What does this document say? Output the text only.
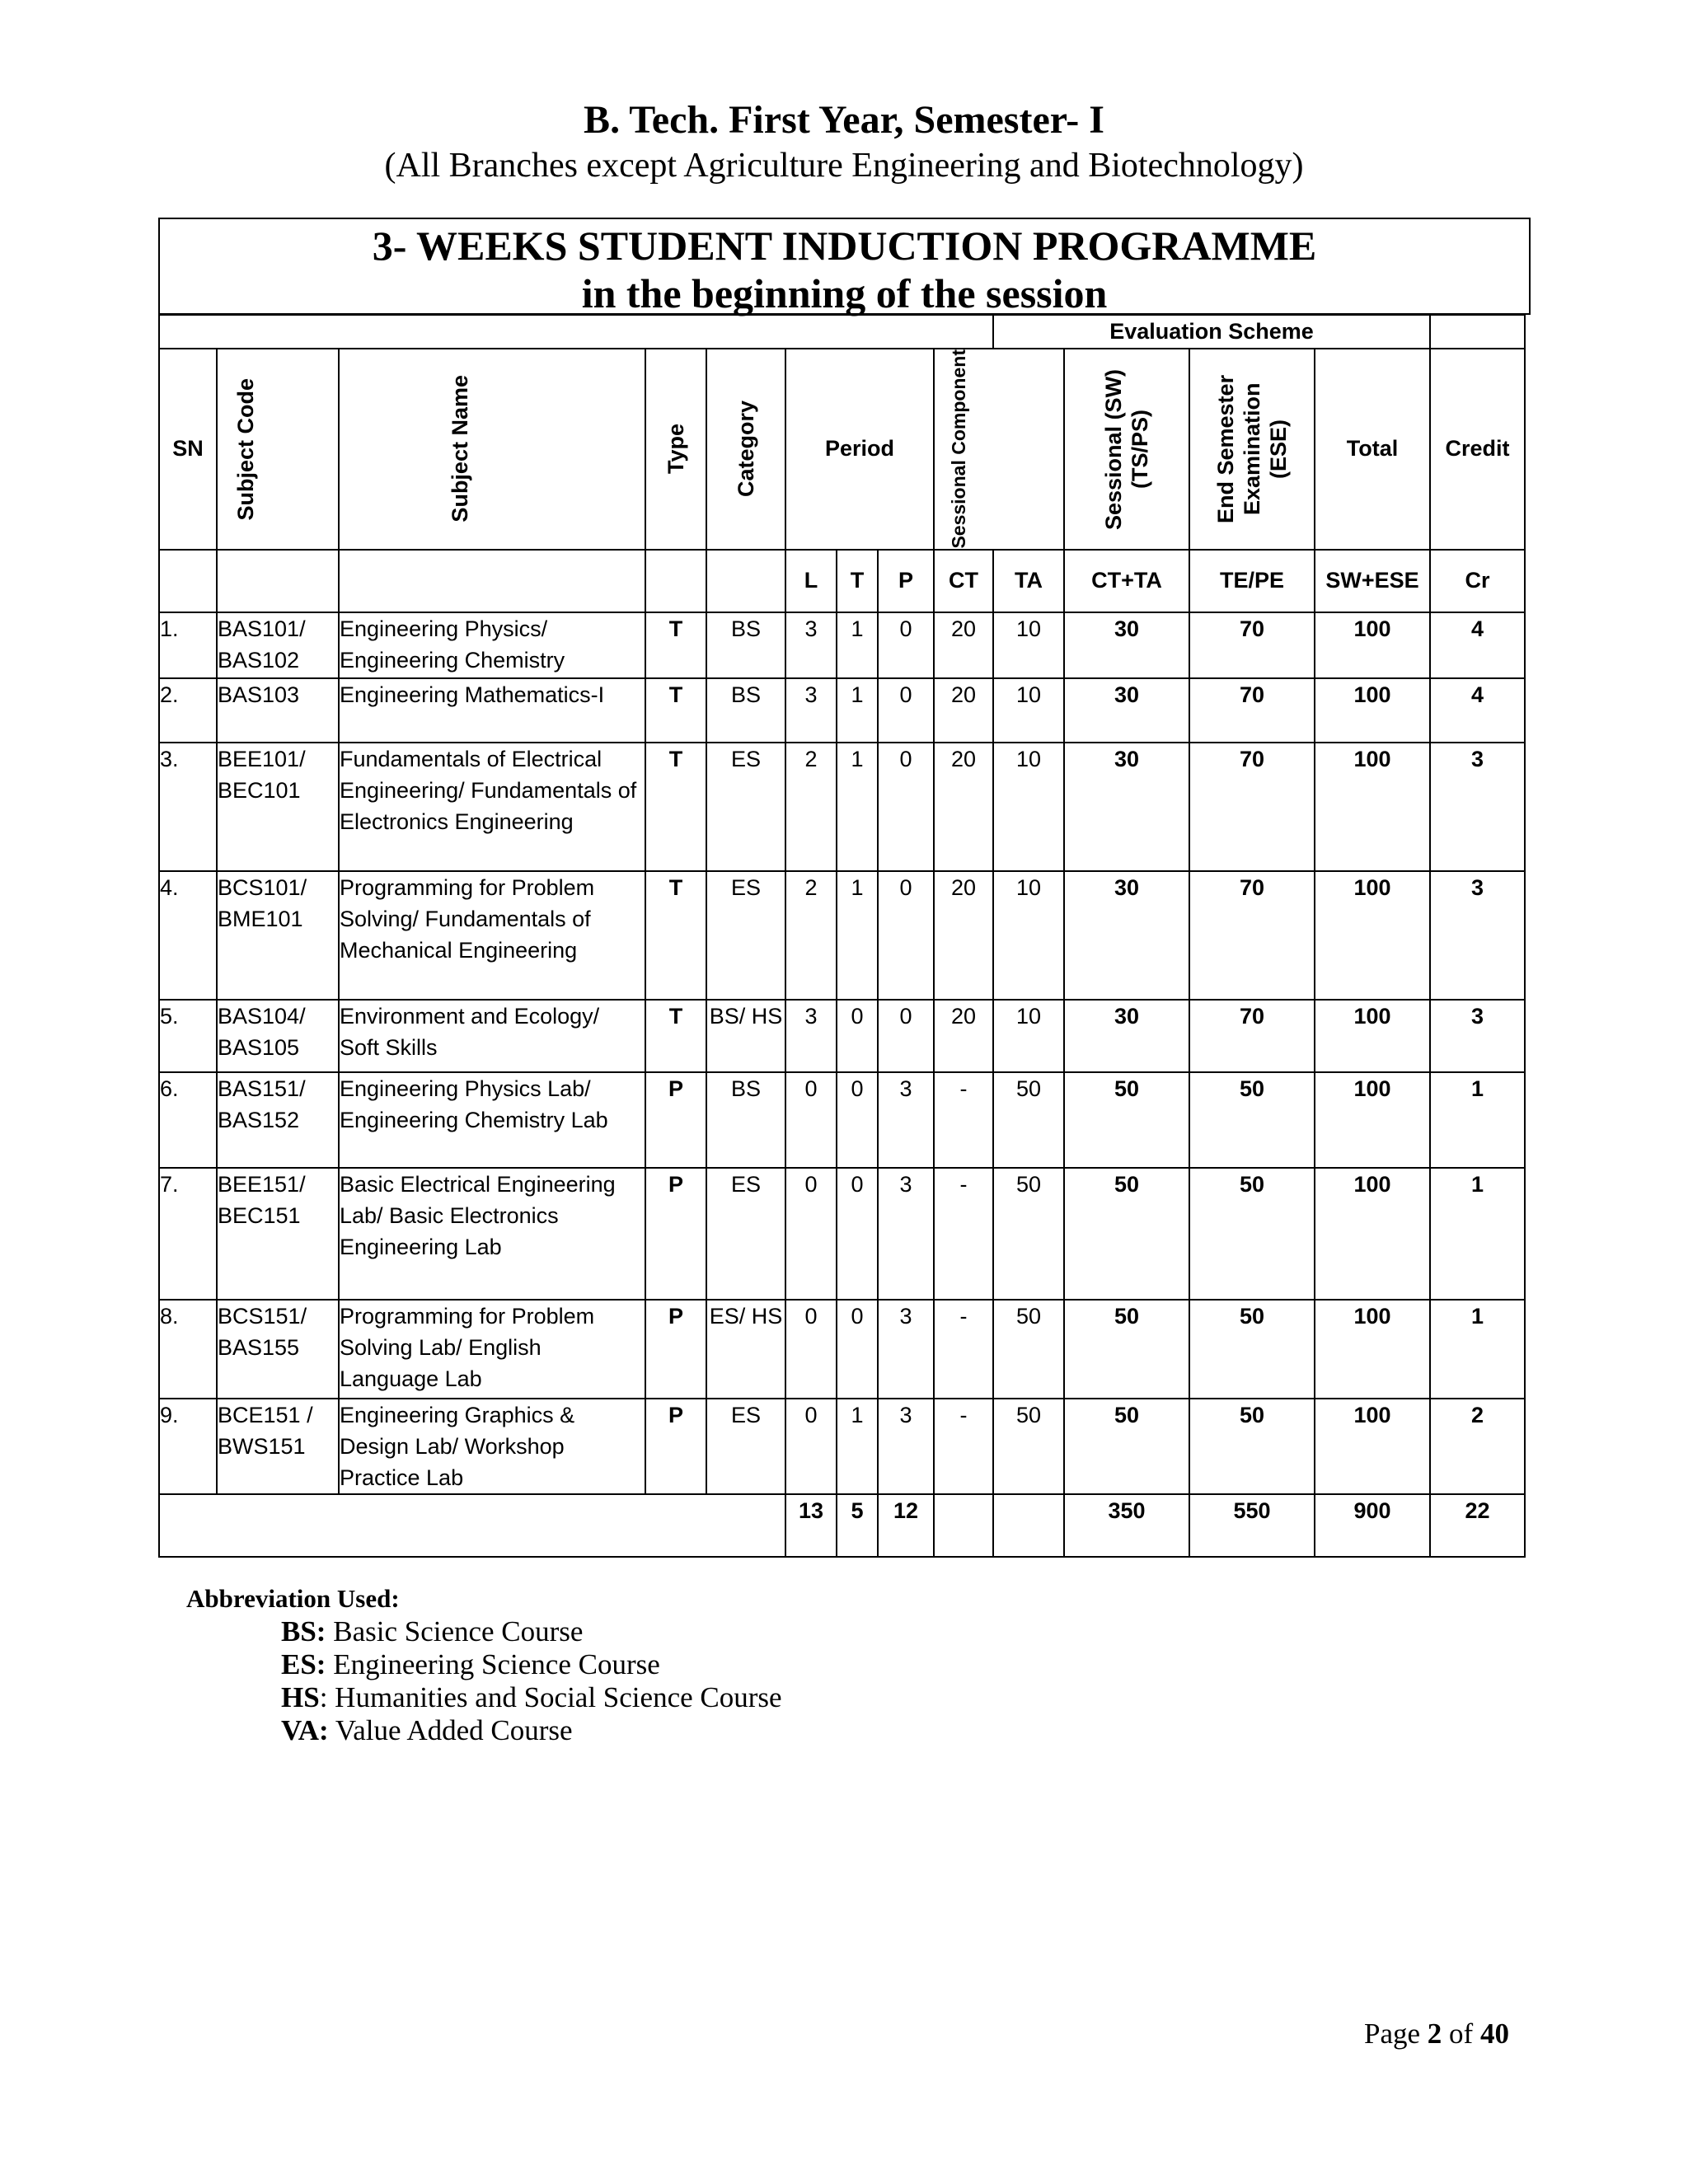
B. Tech. First Year, Semester- I
(All Branches except Agriculture Engineering and Biotechnology)
3- WEEKS STUDENT INDUCTION PROGRAMME
in the beginning of the session
									Evaluation Scheme				
SN	Subject Code	Subject Name	Type	Category	Period			Sessional Component		Sessional (SW) (TS/PS)	End Semester Examination (ESE)	Total	Credit
					L	T	P	CT	TA	CT+TA	TE/PE	SW+ESE	Cr
1.	BAS101/ BAS102	Engineering Physics/ Engineering Chemistry	T	BS	3	1	0	20	10	30	70	100	4
2.	BAS103	Engineering Mathematics-I	T	BS	3	1	0	20	10	30	70	100	4
3.	BEE101/ BEC101	Fundamentals of Electrical Engineering/ Fundamentals of Electronics Engineering	T	ES	2	1	0	20	10	30	70	100	3
4.	BCS101/ BME101	Programming for Problem Solving/ Fundamentals of Mechanical Engineering	T	ES	2	1	0	20	10	30	70	100	3
5.	BAS104/ BAS105	Environment and Ecology/ Soft Skills	T	BS/ HS	3	0	0	20	10	30	70	100	3
6.	BAS151/ BAS152	Engineering Physics Lab/ Engineering Chemistry Lab	P	BS	0	0	3	-	50	50	50	100	1
7.	BEE151/ BEC151	Basic Electrical Engineering Lab/ Basic Electronics Engineering Lab	P	ES	0	0	3	-	50	50	50	100	1
8.	BCS151/ BAS155	Programming for Problem Solving Lab/ English Language Lab	P	ES/ HS	0	0	3	-	50	50	50	100	1
9.	BCE151 / BWS151	Engineering Graphics & Design Lab/ Workshop Practice Lab	P	ES	0	1	3	-	50	50	50	100	2
					13	5	12			350	550	900	22
Abbreviation Used:
BS: Basic Science Course
ES: Engineering Science Course
HS: Humanities and Social Science Course
VA: Value Added Course
Page 2 of 40
